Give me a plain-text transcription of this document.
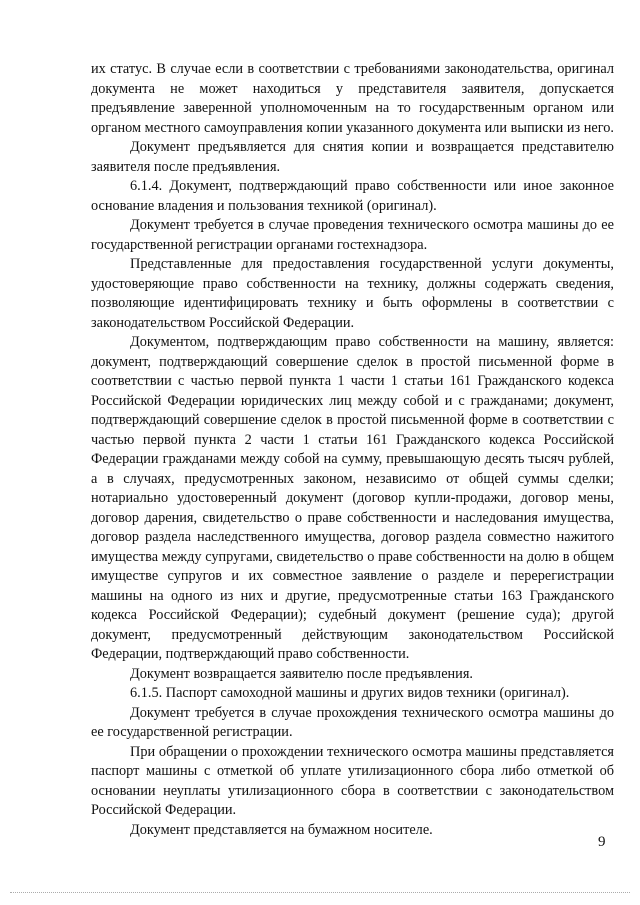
их статус. В случае если в соответствии с требованиями законодательства, оригинал документа не может находиться у представителя заявителя, допускается предъявление заверенной уполномоченным на то государственным органом или органом местного самоуправления копии указанного документа или выписки из него.

Документ предъявляется для снятия копии и возвращается представителю заявителя после предъявления.

6.1.4. Документ, подтверждающий право собственности или иное законное основание владения и пользования техникой (оригинал).

Документ требуется в случае проведения технического осмотра машины до ее государственной регистрации органами гостехнадзора.

Представленные для предоставления государственной услуги документы, удостоверяющие право собственности на технику, должны содержать сведения, позволяющие идентифицировать технику и быть оформлены в соответствии с законодательством Российской Федерации.

Документом, подтверждающим право собственности на машину, является: документ, подтверждающий совершение сделок в простой письменной форме в соответствии с частью первой пункта 1 части 1 статьи 161 Гражданского кодекса Российской Федерации юридических лиц между собой и с гражданами; документ, подтверждающий совершение сделок в простой письменной форме в соответствии с частью первой пункта 2 части 1 статьи 161 Гражданского кодекса Российской Федерации гражданами между собой на сумму, превышающую десять тысяч рублей, а в случаях, предусмотренных законом, независимо от общей суммы сделки; нотариально удостоверенный документ (договор купли-продажи, договор мены, договор дарения, свидетельство о праве собственности и наследования имущества, договор раздела наследственного имущества, договор раздела совместно нажитого имущества между супругами, свидетельство о праве собственности на долю в общем имуществе супругов и их совместное заявление о разделе и перерегистрации машины на одного из них и другие, предусмотренные статьи 163 Гражданского кодекса Российской Федерации); судебный документ (решение суда); другой документ, предусмотренный действующим законодательством Российской Федерации, подтверждающий право собственности.

Документ возвращается заявителю после предъявления.

6.1.5. Паспорт самоходной машины и других видов техники (оригинал).

Документ требуется в случае прохождения технического осмотра машины до ее государственной регистрации.

При обращении о прохождении технического осмотра машины представляется паспорт машины с отметкой об уплате утилизационного сбора либо отметкой об основании неуплаты утилизационного сбора в соответствии с законодательством Российской Федерации.

Документ представляется на бумажном носителе.

9
